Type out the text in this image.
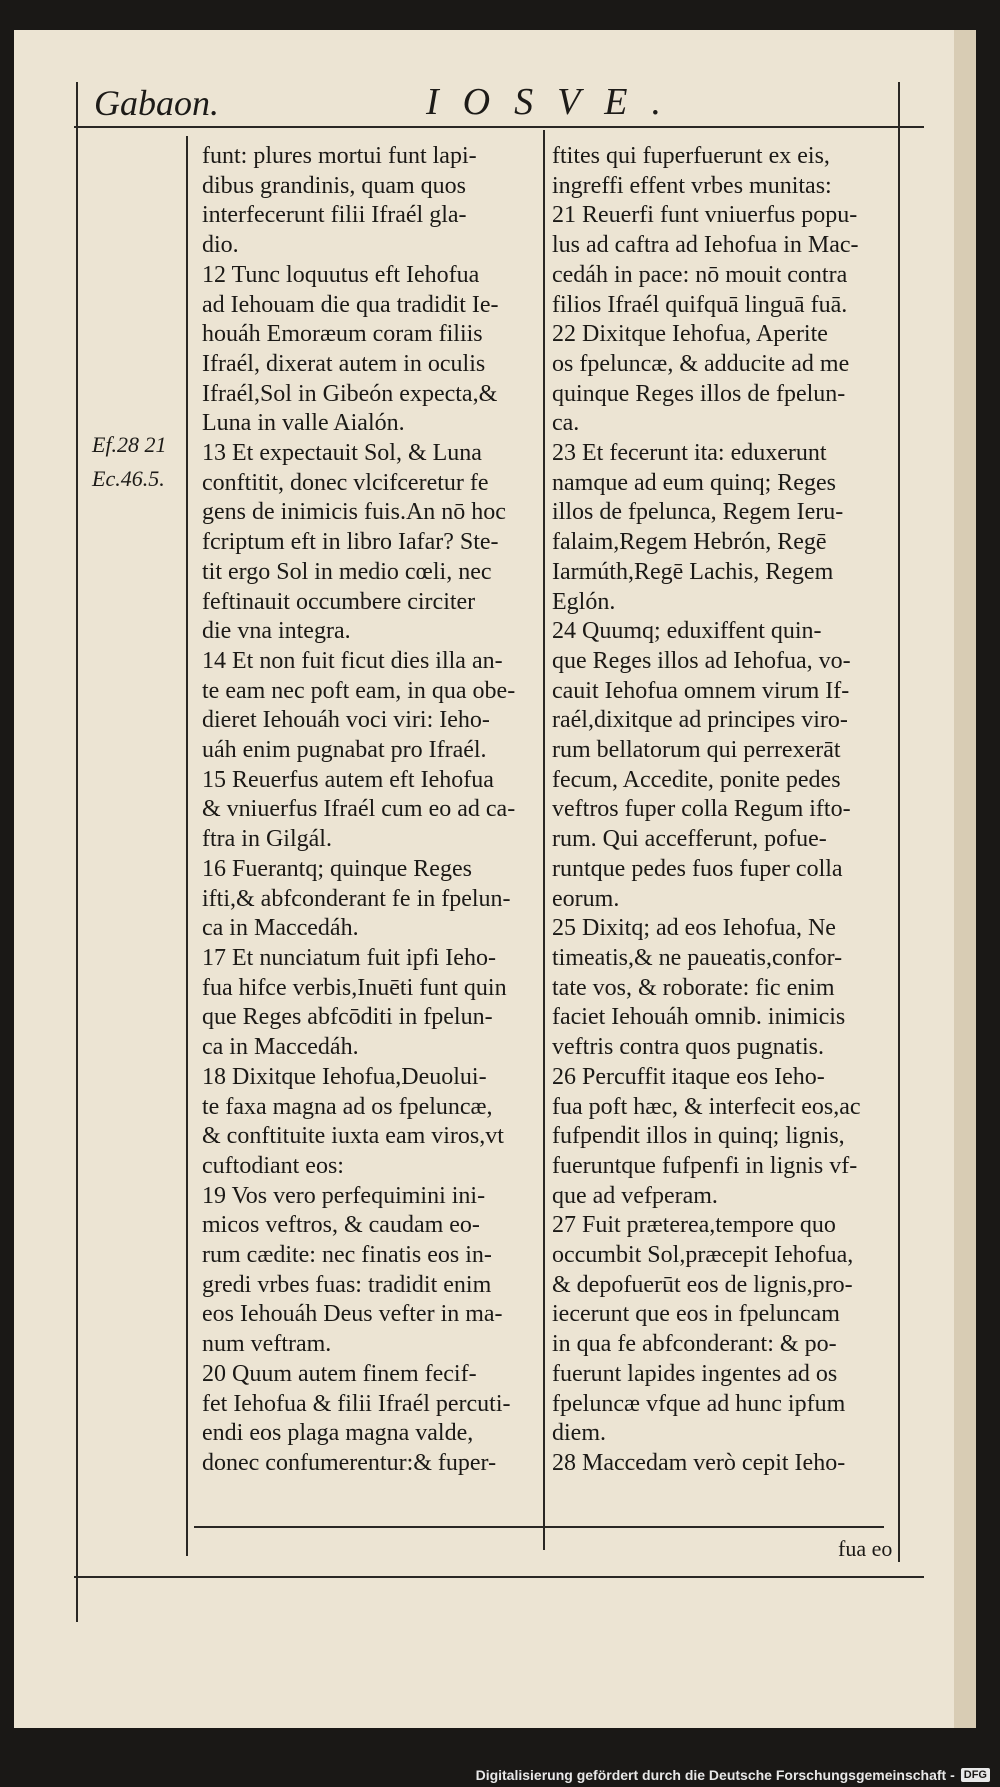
Gabaon.	IOSVE.
Ef.28 21
Ec.46.5.
funt: plures mortui funt lapi-
dibus grandinis, quam quos
interfecerunt filii Ifraél gla-
dio.
12 Tunc loquutus eft Iehofua
ad Iehouam die qua tradidit Ie-
houáh Emoræum coram filiis
Ifraél, dixerat autem in oculis
Ifraél,Sol in Gibeón expecta,&
Luna in valle Aialón.
13 Et expectauit Sol, & Luna
conftitit, donec vlcifceretur fe
gens de inimicis fuis.An nō hoc
fcriptum eft in libro Iafar? Ste-
tit ergo Sol in medio cœli, nec
feftinauit occumbere circiter
die vna integra.
14 Et non fuit ficut dies illa an-
te eam nec poft eam, in qua obe-
dieret Iehouáh voci viri: Ieho-
uáh enim pugnabat pro Ifraél.
15 Reuerfus autem eft Iehofua
& vniuerfus Ifraél cum eo ad ca-
ftra in Gilgál.
16 Fuerantq; quinque Reges
ifti,& abfconderant fe in fpelun-
ca in Maccedáh.
17 Et nunciatum fuit ipfi Ieho-
fua hifce verbis,Inuēti funt quin
que Reges abfcōditi in fpelun-
ca in Maccedáh.
18 Dixitque Iehofua,Deuolui-
te faxa magna ad os fpeluncæ,
& conftituite iuxta eam viros,vt
cuftodiant eos:
19 Vos vero perfequimini ini-
micos veftros, & caudam eo-
rum cædite: nec finatis eos in-
gredi vrbes fuas: tradidit enim
eos Iehouáh Deus vefter in ma-
num veftram.
20 Quum autem finem fecif-
fet Iehofua & filii Ifraél percuti-
endi eos plaga magna valde,
donec confumerentur:& fuper-
ftites qui fuperfuerunt ex eis,
ingreffi effent vrbes munitas:
21 Reuerfi funt vniuerfus popu-
lus ad caftra ad Iehofua in Mac-
cedáh in pace: nō mouit contra
filios Ifraél quifquā linguā fuā.
22 Dixitque Iehofua, Aperite
os fpeluncæ, & adducite ad me
quinque Reges illos de fpelun-
ca.
23 Et fecerunt ita: eduxerunt
namque ad eum quinq; Reges
illos de fpelunca, Regem Ieru-
falaim,Regem Hebrón, Regē
Iarmúth,Regē Lachis, Regem
Eglón.
24 Quumq; eduxiffent quin-
que Reges illos ad Iehofua, vo-
cauit Iehofua omnem virum If-
raél,dixitque ad principes viro-
rum bellatorum qui perrexerāt
fecum, Accedite, ponite pedes
veftros fuper colla Regum ifto-
rum. Qui accefferunt, pofue-
runtque pedes fuos fuper colla
eorum.
25 Dixitq; ad eos Iehofua, Ne
timeatis,& ne paueatis,confor-
tate vos, & roborate: fic enim
faciet Iehouáh omnib. inimicis
veftris contra quos pugnatis.
26 Percuffit itaque eos Ieho-
fua poft hæc, & interfecit eos,ac
fufpendit illos in quinq; lignis,
fueruntque fufpenfi in lignis vf-
que ad vefperam.
27 Fuit præterea,tempore quo
occumbit Sol,præcepit Iehofua,
& depofuerūt eos de lignis,pro-
iecerunt que eos in fpeluncam
in qua fe abfconderant: & po-
fuerunt lapides ingentes ad os
fpeluncæ vfque ad hunc ipfum
diem.
28 Maccedam verò cepit Ieho-
fua eo
Digitalisierung gefördert durch die Deutsche Forschungsgemeinschaft - DFG
